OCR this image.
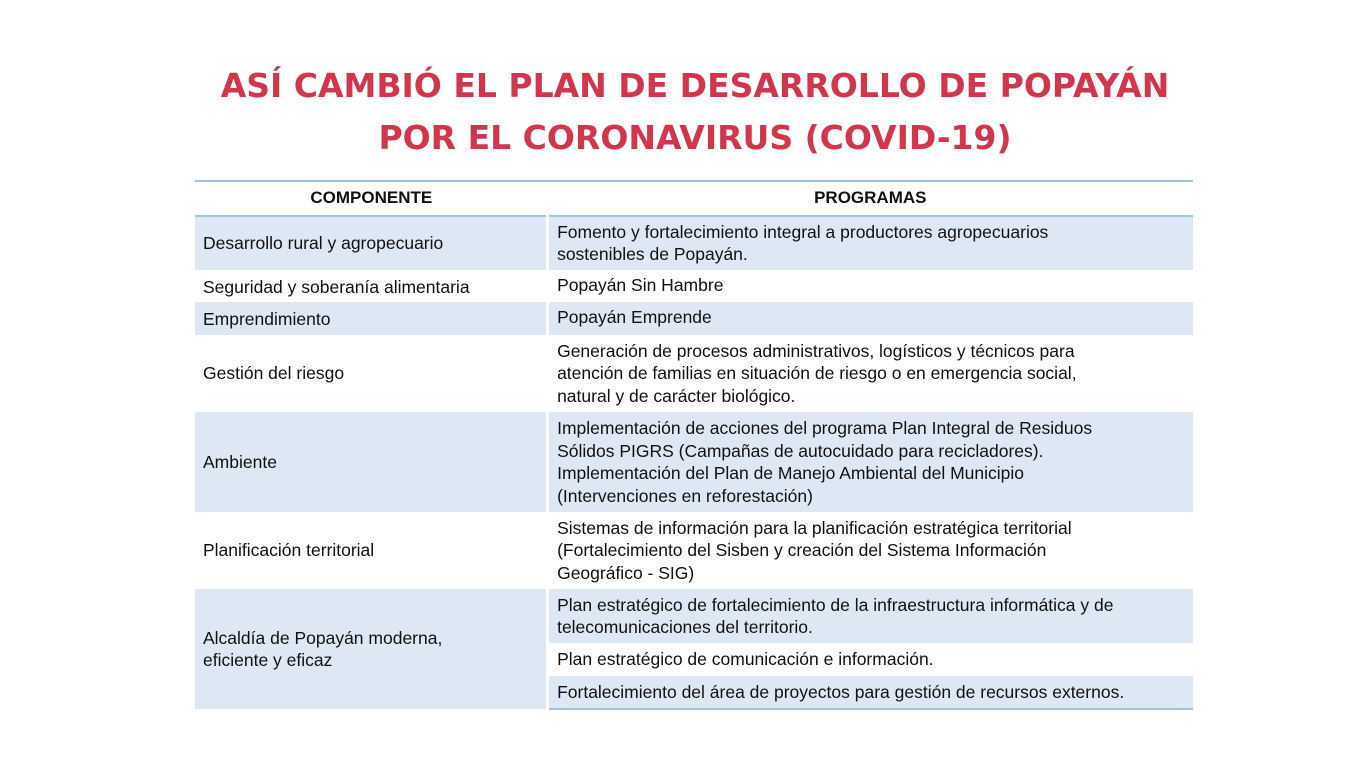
ASÍ CAMBIÓ EL PLAN DE DESARROLLO DE POPAYÁN
POR EL CORONAVIRUS (COVID-19)
COMPONENTE	PROGRAMAS
Desarrollo rural y agropecuario	Fomento y fortalecimiento integral a productores agropecuarios
sostenibles de Popayán.

Seguridad y soberanía alimentaria	Popayán Sin Hambre

Emprendimiento	Popayán Emprende

Gestión del riesgo	Generación de procesos administrativos, logísticos y técnicos para
atención de familias en situación de riesgo o en emergencia social,
natural y de carácter biológico.

Ambiente	Implementación de acciones del programa Plan Integral de Residuos
Sólidos PIGRS (Campañas de autocuidado para recicladores).
Implementación del Plan de Manejo Ambiental del Municipio
(Intervenciones en reforestación)

Planificación territorial	Sistemas de información para la planificación estratégica territorial
(Fortalecimiento del Sisben y creación del Sistema Información
Geográfico - SIG)

Alcaldía de Popayán moderna,
eficiente y eficaz	Plan estratégico de fortalecimiento de la infraestructura informática y de
telecomunicaciones del territorio.

	Plan estratégico de comunicación e información.

	Fortalecimiento del área de proyectos para gestión de recursos externos.
